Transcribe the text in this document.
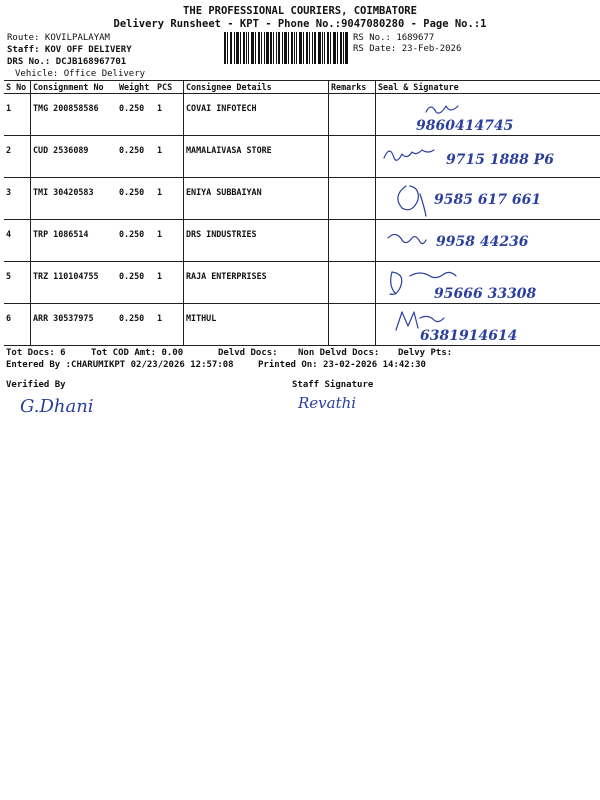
THE PROFESSIONAL COURIERS, COIMBATORE
Delivery Runsheet - KPT - Phone No.:9047080280 - Page No.:1
Route: KOVILPALAYAM
Staff: KOV OFF DELIVERY
DRS No.: DCJB168967701
Vehicle: Office Delivery
RS No.: 1689677
RS Date: 23-Feb-2026
S No	Consignment No	Weight	PCS	Consignee Details	Remarks	Seal & Signature
1	TMG 200858586	0.250	1	COVAI INFOTECH		9860414745

2	CUD 2536089	0.250	1	MAMALAIVASA STORE		9715 1888 P6

3	TMI 30420583	0.250	1	ENIYA SUBBAIYAN		9585 617 661

4	TRP 1086514	0.250	1	DRS INDUSTRIES		9958 44236

5	TRZ 110104755	0.250	1	RAJA ENTERPRISES		95666 33308

6	ARR 30537975	0.250	1	MITHUL		6381914614
Tot Docs: 6	Tot COD Amt: 0.00	Delvd Docs: Non Delvd Docs: Delvy Pts:
Entered By :CHARUMIKPT 02/23/2026 12:57:08	Printed On: 23-02-2026 14:42:30
Verified By	Staff Signature
G.Dhani	Revathi
